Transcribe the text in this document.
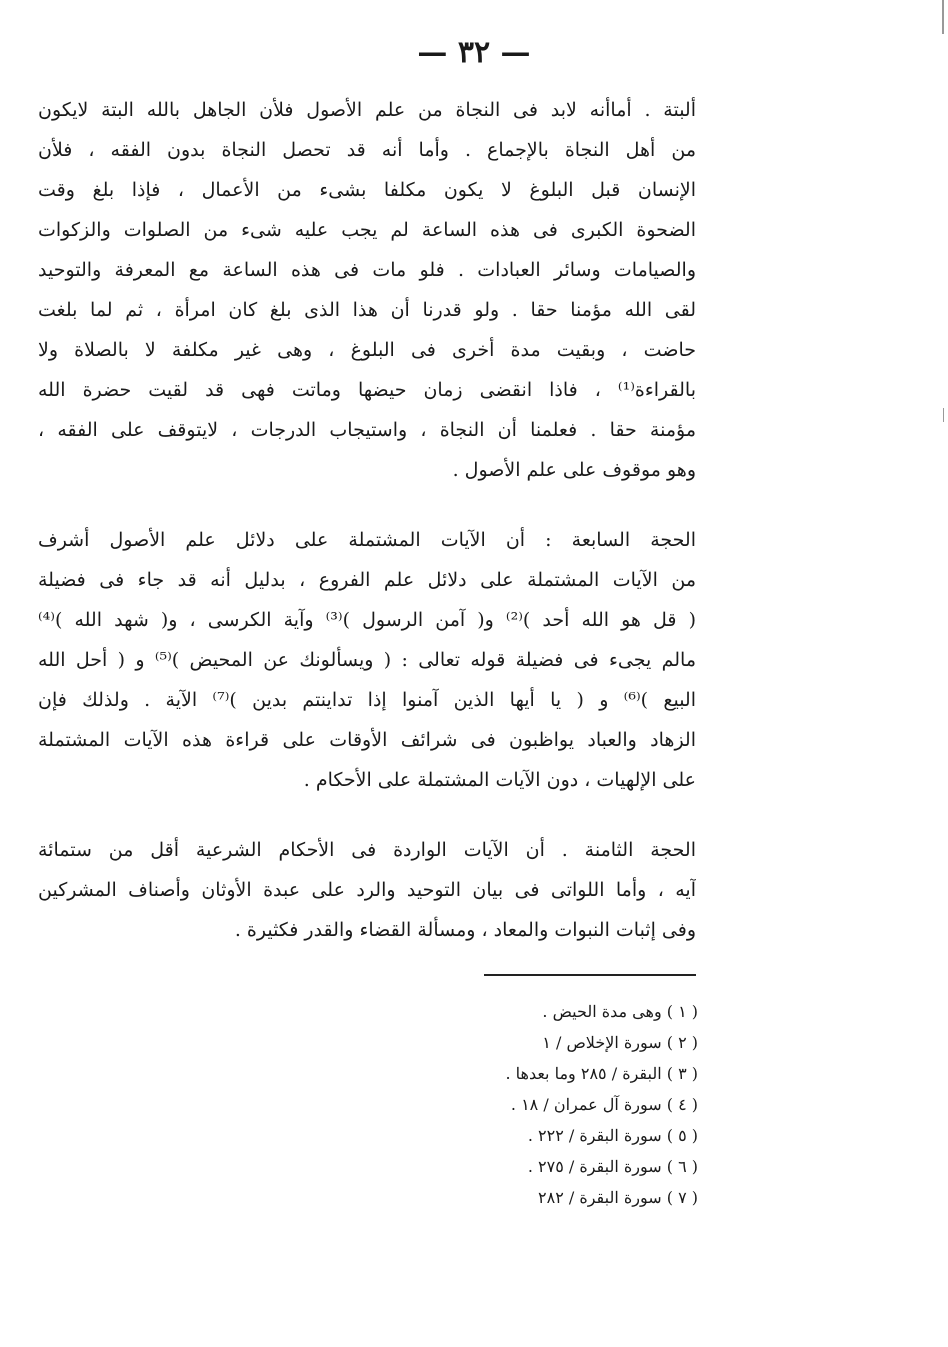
— ٣٢ —
ألبتة . أماأنه لابد فى النجاة من علم الأصول فلأن الجاهل بالله البتة لايكون
من أهل النجاة بالإجماع . وأما أنه قد تحصل النجاة بدون الفقه ، فلأن
الإنسان قبل البلوغ لا يكون مكلفا بشىء من الأعمال ، فإذا بلغ وقت
الضحوة الكبرى فى هذه الساعة لم يجب عليه شىء من الصلوات والزكوات
والصيامات وسائر العبادات . فلو مات فى هذه الساعة مع المعرفة والتوحيد
لقى الله مؤمنا حقا . ولو قدرنا أن هذا الذى بلغ كان امرأة ، ثم لما بلغت
حاضت ، وبقيت مدة أخرى فى البلوغ ، وهى غير مكلفة لا بالصلاة ولا
بالقراءة⁽¹⁾ ، فاذا انقضى زمان حيضها وماتت فهى قد لقيت حضرة الله
مؤمنة حقا . فعلمنا أن النجاة ، واستيجاب الدرجات ، لايتوقف على الفقه ،
وهو موقوف على علم الأصول .
الحجة السابعة : أن الآيات المشتملة على دلائل علم الأصول أشرف
من الآيات المشتملة على دلائل علم الفروع ، بدليل أنه قد جاء فى فضيلة
( قل هو الله أحد )⁽²⁾ و( آمن الرسول )⁽³⁾ وآية الكرسى ، و( شهد الله )⁽⁴⁾
مالم يجىء فى فضيلة قوله تعالى : ( ويسألونك عن المحيض )⁽⁵⁾ و ( أحل الله
البيع )⁽⁶⁾ و ( يا أيها الذين آمنوا إذا تداينتم بدين )⁽⁷⁾ الآية . ولذلك فإن
الزهاد والعباد يواظبون فى شرائف الأوقات على قراءة هذه الآيات المشتملة
على الإلهيات ، دون الآيات المشتملة على الأحكام .
الحجة الثامنة . أن الآيات الواردة فى الأحكام الشرعية أقل من ستمائة
آيه ، وأما اللواتى فى بيان التوحيد والرد على عبدة الأوثان وأصناف المشركين
وفى إثبات النبوات والمعاد ، ومسألة القضاء والقدر فكثيرة .
( ١ ) وهى مدة الحيض .
( ٢ ) سورة الإخلاص / ١
( ٣ ) البقرة / ٢٨٥ وما بعدها .
( ٤ ) سورة آل عمران / ١٨ .
( ٥ ) سورة البقرة / ٢٢٢ .
( ٦ ) سورة البقرة / ٢٧٥ .
( ٧ ) سورة البقرة / ٢٨٢
